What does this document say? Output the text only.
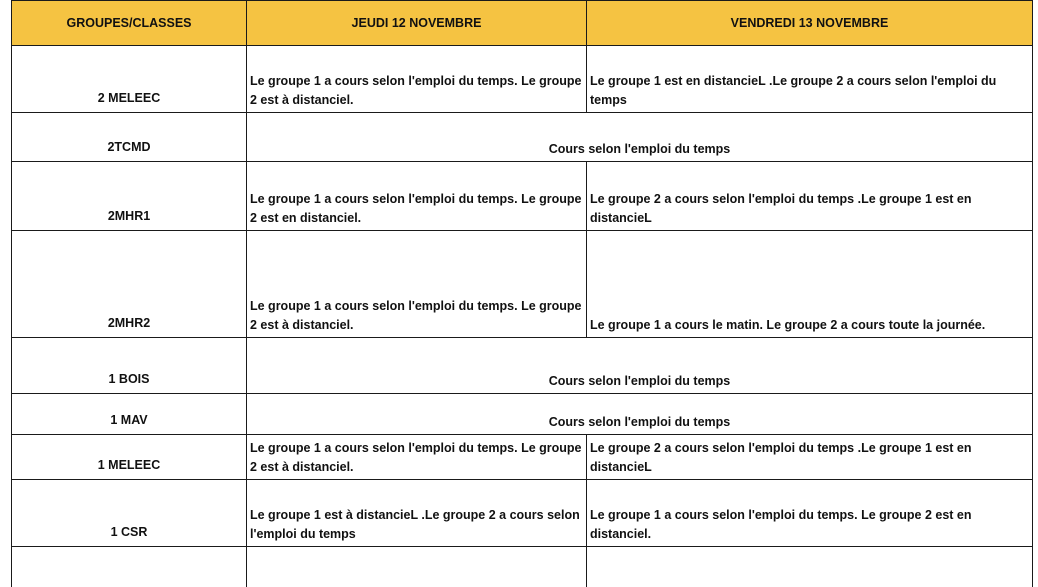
GROUPES/CLASSES	JEUDI 12 NOVEMBRE	VENDREDI 13 NOVEMBRE
2 MELEEC	Le groupe 1 a cours selon l'emploi du temps. Le groupe 2 est à distanciel.	Le groupe 1 est en distancieL .Le groupe 2 a cours selon l'emploi du temps
2TCMD	Cours selon l'emploi du temps	
2MHR1	Le groupe 1 a cours selon l'emploi du temps. Le groupe 2 est en distanciel.	Le groupe 2 a cours selon l'emploi du temps .Le groupe 1 est en distancieL
2MHR2	Le groupe 1 a cours selon l'emploi du temps. Le groupe 2 est à distanciel.	Le groupe 1 a cours le matin. Le groupe 2 a cours toute la journée.
1 BOIS	Cours selon l'emploi du temps	
1 MAV	Cours selon l'emploi du temps	
1 MELEEC	Le groupe 1 a cours selon l'emploi du temps. Le groupe 2 est à distanciel.	Le groupe 2 a cours selon l'emploi du temps .Le groupe 1 est en distancieL
1 CSR	Le groupe 1 est à distancieL .Le groupe 2 a cours selon l'emploi du temps	Le groupe 1 a cours selon l'emploi du temps. Le groupe 2 est en distanciel.
